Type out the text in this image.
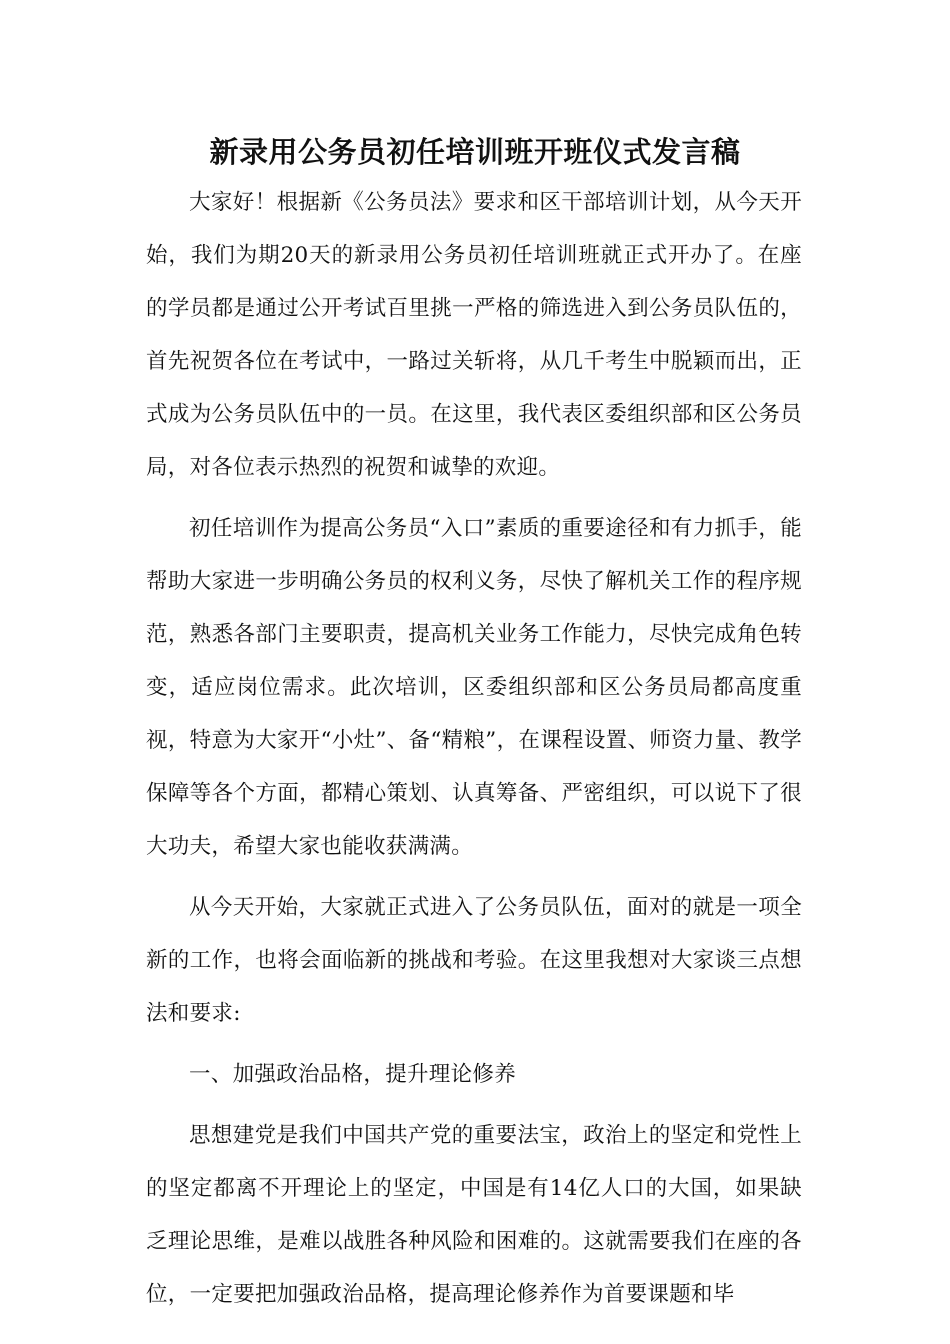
新录用公务员初任培训班开班仪式发言稿

大家好！根据新《公务员法》要求和区干部培训计划，从今天开始，我们为期20天的新录用公务员初任培训班就正式开办了。在座的学员都是通过公开考试百里挑一严格的筛选进入到公务员队伍的，首先祝贺各位在考试中，一路过关斩将，从几千考生中脱颖而出，正式成为公务员队伍中的一员。在这里，我代表区委组织部和区公务员局，对各位表示热烈的祝贺和诚挚的欢迎。

初任培训作为提高公务员“入口”素质的重要途径和有力抓手，能帮助大家进一步明确公务员的权利义务，尽快了解机关工作的程序规范，熟悉各部门主要职责，提高机关业务工作能力，尽快完成角色转变，适应岗位需求。此次培训，区委组织部和区公务员局都高度重视，特意为大家开“小灶”、备“精粮”，在课程设置、师资力量、教学保障等各个方面，都精心策划、认真筹备、严密组织，可以说下了很大功夫，希望大家也能收获满满。

从今天开始，大家就正式进入了公务员队伍，面对的就是一项全新的工作，也将会面临新的挑战和考验。在这里我想对大家谈三点想法和要求:

一、加强政治品格，提升理论修养

思想建党是我们中国共产党的重要法宝，政治上的坚定和党性上的坚定都离不开理论上的坚定，中国是有14亿人口的大国，如果缺乏理论思维，是难以战胜各种风险和困难的。这就需要我们在座的各位，一定要把加强政治品格，提高理论修养作为首要课题和毕
